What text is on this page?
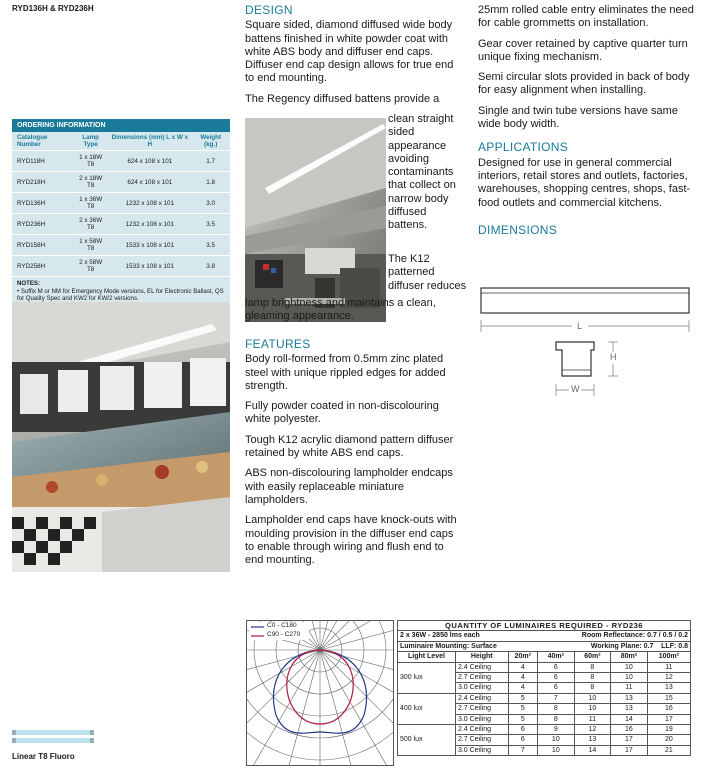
RYD136H & RYD236H
ORDERING INFORMATION
Catalogue Number	Lamp Type	Dimensions (mm) L x W x H	Weight (kg.)
RYD118H	1 x 18W T8	624 x 108 x 101	1.7
RYD218H	2 x 18W T8	624 x 108 x 101	1.8
RYD136H	1 x 36W T8	1232 x 108 x 101	3.0
RYD236H	2 x 36W T8	1232 x 108 x 101	3.5
RYD158H	1 x 58W T8	1533 x 108 x 101	3.5
RYD258H	2 x 58W T8	1533 x 108 x 101	3.8
NOTES:
• Suffix M or NM for Emergency Mode versions, EL for Electronic Ballast, QS for Quality Spec and KW2 for KW/2 versions.
Linear T8 Fluoro
DESIGN

Square sided, diamond diffused wide body battens finished in white powder coat with white ABS body and diffuser end caps. Diffuser end cap design allows for true end to end mounting.

The Regency diffused battens provide a

clean straight sided appearance avoiding contaminants that collect on narrow body diffused battens.
The K12 patterned diffuser reduces
lamp brightness and maintains a clean, gleaming appearance.
FEATURES

Body roll-formed from 0.5mm zinc plated steel with unique rippled edges for added strength.

Fully powder coated in non-discolouring white polyester.

Tough K12 acrylic diamond pattern diffuser retained by white ABS end caps.

ABS non-discolouring lampholder endcaps with easily replaceable miniature lampholders.

Lampholder end caps have knock-outs with moulding provision in the diffuser end caps to enable through wiring and flush end to end mounting.

25mm rolled cable entry eliminates the need for cable grommetts on installation.

Gear cover retained by captive quarter turn unique fixing mechanism.

Semi circular slots provided in back of body for easy alignment when installing.

Single and twin tube versions have same wide body width.

APPLICATIONS

Designed for use in general commercial interiors, retail stores and outlets, factories, warehouses, shopping centres, shops, fast-food outlets and commercial kitchens.

DIMENSIONS
L
H
W
C0 - C180
C90 - C270
QUANTITY OF LUMINAIRES REQUIRED - RYD236						
2 x 36W - 2850 lms each			Room Reflectance: 0.7 / 0.5 / 0.2			
Luminaire Mounting: Surface			Working Plane: 0.7 LLF: 0.8			
Light Level	Height	20m²	40m²	60m²	80m²	100m²
300 lux	2.4 Ceiling	4	6	8	10	11
	2.7 Ceiling	4	6	8	10	12
	3.0 Ceiling	4	6	8	11	13
400 lux	2.4 Ceiling	5	7	10	13	15
	2.7 Ceiling	5	8	10	13	16
	3.0 Ceiling	5	8	11	14	17
500 lux	2.4 Ceiling	6	9	12	16	19
	2.7 Ceiling	6	10	13	17	20
	3.0 Ceiling	7	10	14	17	21
